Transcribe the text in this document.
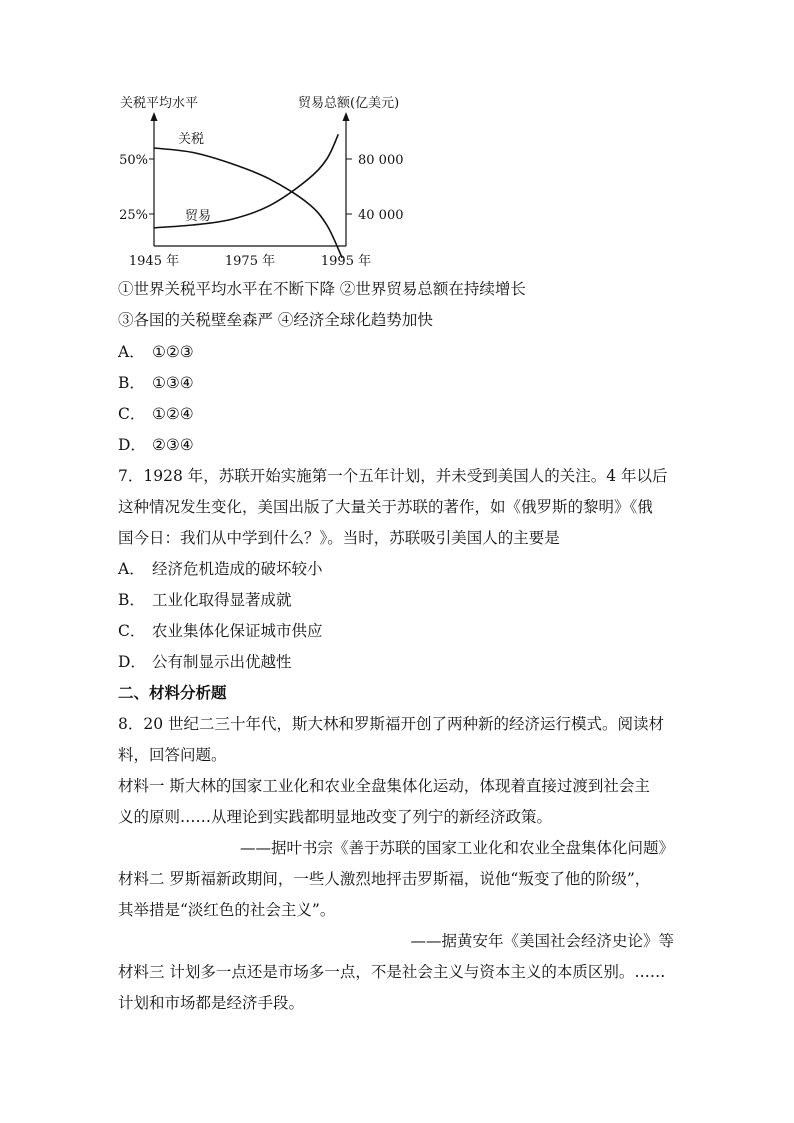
关税平均水平	贸易总额(亿美元)
50%
25%
80 000
40 000
1945 年	1975 年	1995 年
关税
贸易
①世界关税平均水平在不断下降 ②世界贸易总额在持续增长
③各国的关税壁垒森严 ④经济全球化趋势加快
A． ①②③
B． ①③④
C． ①②④
D． ②③④
7．1928 年，苏联开始实施第一个五年计划，并未受到美国人的关注。4 年以后
这种情况发生变化，美国出版了大量关于苏联的著作，如《俄罗斯的黎明》《俄
国今日：我们从中学到什么？》。当时，苏联吸引美国人的主要是
A． 经济危机造成的破坏较小
B． 工业化取得显著成就
C． 农业集体化保证城市供应
D． 公有制显示出优越性
二、材料分析题
8．20 世纪二三十年代，斯大林和罗斯福开创了两种新的经济运行模式。阅读材
料，回答问题。
材料一 斯大林的国家工业化和农业全盘集体化运动，体现着直接过渡到社会主
义的原则……从理论到实践都明显地改变了列宁的新经济政策。
——据叶书宗《善于苏联的国家工业化和农业全盘集体化问题》
材料二 罗斯福新政期间，一些人激烈地抨击罗斯福，说他“叛变了他的阶级”，
其举措是“淡红色的社会主义”。
——据黄安年《美国社会经济史论》等
材料三 计划多一点还是市场多一点，不是社会主义与资本主义的本质区别。……
计划和市场都是经济手段。
